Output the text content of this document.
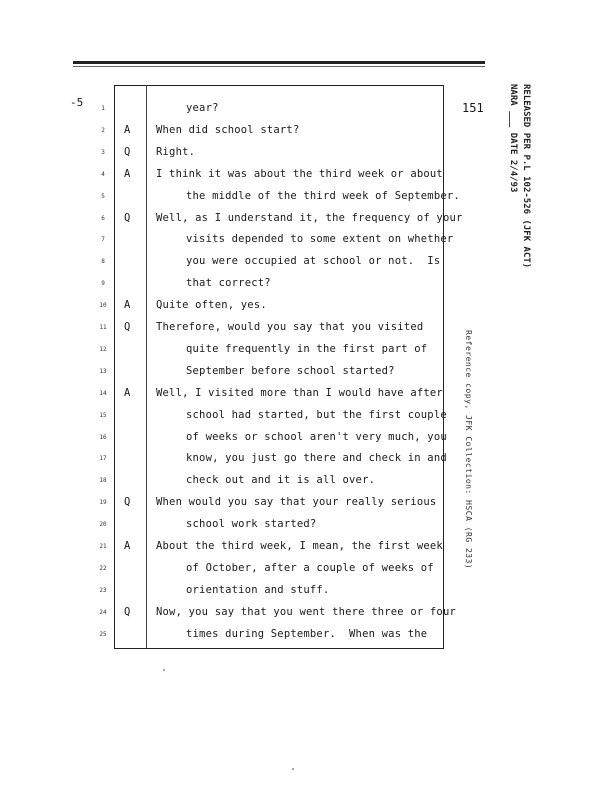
-5	151
1	year?
2	A When did school start?
3	Q Right.
4	A I think it was about the third week or about
5	the middle of the third week of September.
6	Q Well, as I understand it, the frequency of your
7	visits depended to some extent on whether
8	you were occupied at school or not.  Is
9	that correct?
10	A Quite often, yes.
11	Q Therefore, would you say that you visited
12	quite frequently in the first part of
13	September before school started?
14	A Well, I visited more than I would have after
15	school had started, but the first couple
16	of weeks or school aren't very much, you
17	know, you just go there and check in and
18	check out and it is all over.
19	Q When would you say that your really serious
20	school work started?
21	A About the third week, I mean, the first week
22	of October, after a couple of weeks of
23	orientation and stuff.
24	Q Now, you say that you went there three or four
25	times during September.  When was the
RELEASED PER P.L 102-526 (JFK ACT)
NARA ___ DATE 2/4/93
Reference copy, JFK Collection: HSCA (RG 233)
